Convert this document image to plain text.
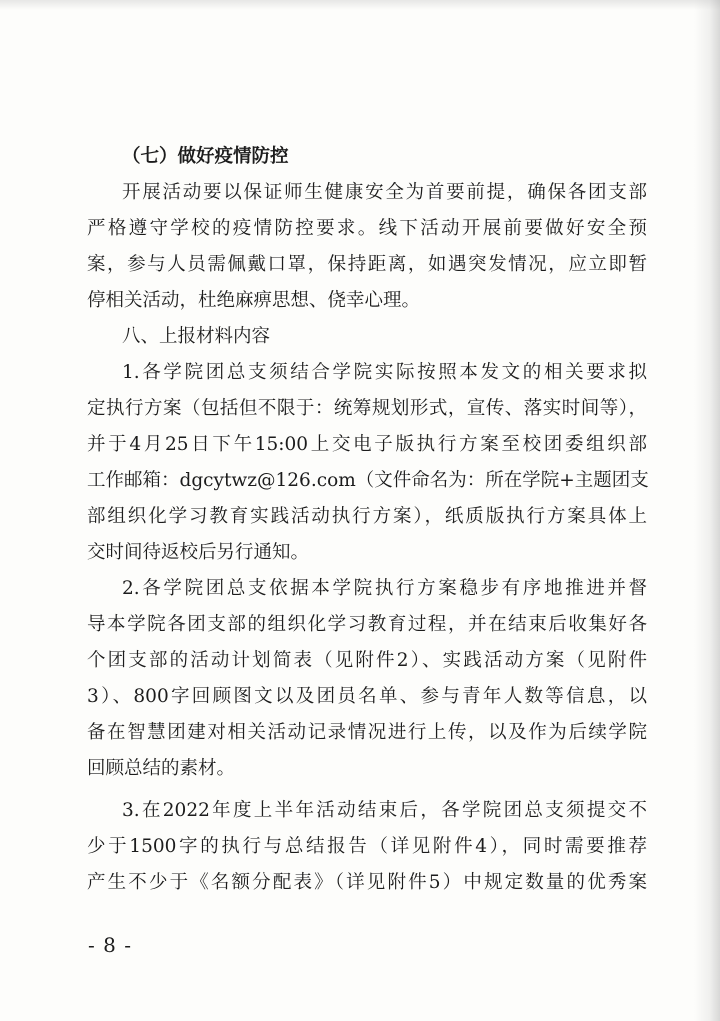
（七）做好疫情防控
开展活动要以保证师生健康安全为首要前提，确保各团支部
严格遵守学校的疫情防控要求。线下活动开展前要做好安全预
案，参与人员需佩戴口罩，保持距离，如遇突发情况，应立即暂
停相关活动，杜绝麻痹思想、侥幸心理。
八、上报材料内容
1.各学院团总支须结合学院实际按照本发文的相关要求拟
定执行方案（包括但不限于：统筹规划形式，宣传、落实时间等），
并于4月25日下午15:00上交电子版执行方案至校团委组织部
工作邮箱：dgcytwz@126.com（文件命名为：所在学院+主题团支
部组织化学习教育实践活动执行方案），纸质版执行方案具体上
交时间待返校后另行通知。
2.各学院团总支依据本学院执行方案稳步有序地推进并督
导本学院各团支部的组织化学习教育过程，并在结束后收集好各
个团支部的活动计划简表（见附件2）、实践活动方案（见附件
3）、800字回顾图文以及团员名单、参与青年人数等信息，以
备在智慧团建对相关活动记录情况进行上传，以及作为后续学院
回顾总结的素材。
3.在2022年度上半年活动结束后，各学院团总支须提交不
少于1500字的执行与总结报告（详见附件4），同时需要推荐
产生不少于《名额分配表》（详见附件5）中规定数量的优秀案
- 8 -
